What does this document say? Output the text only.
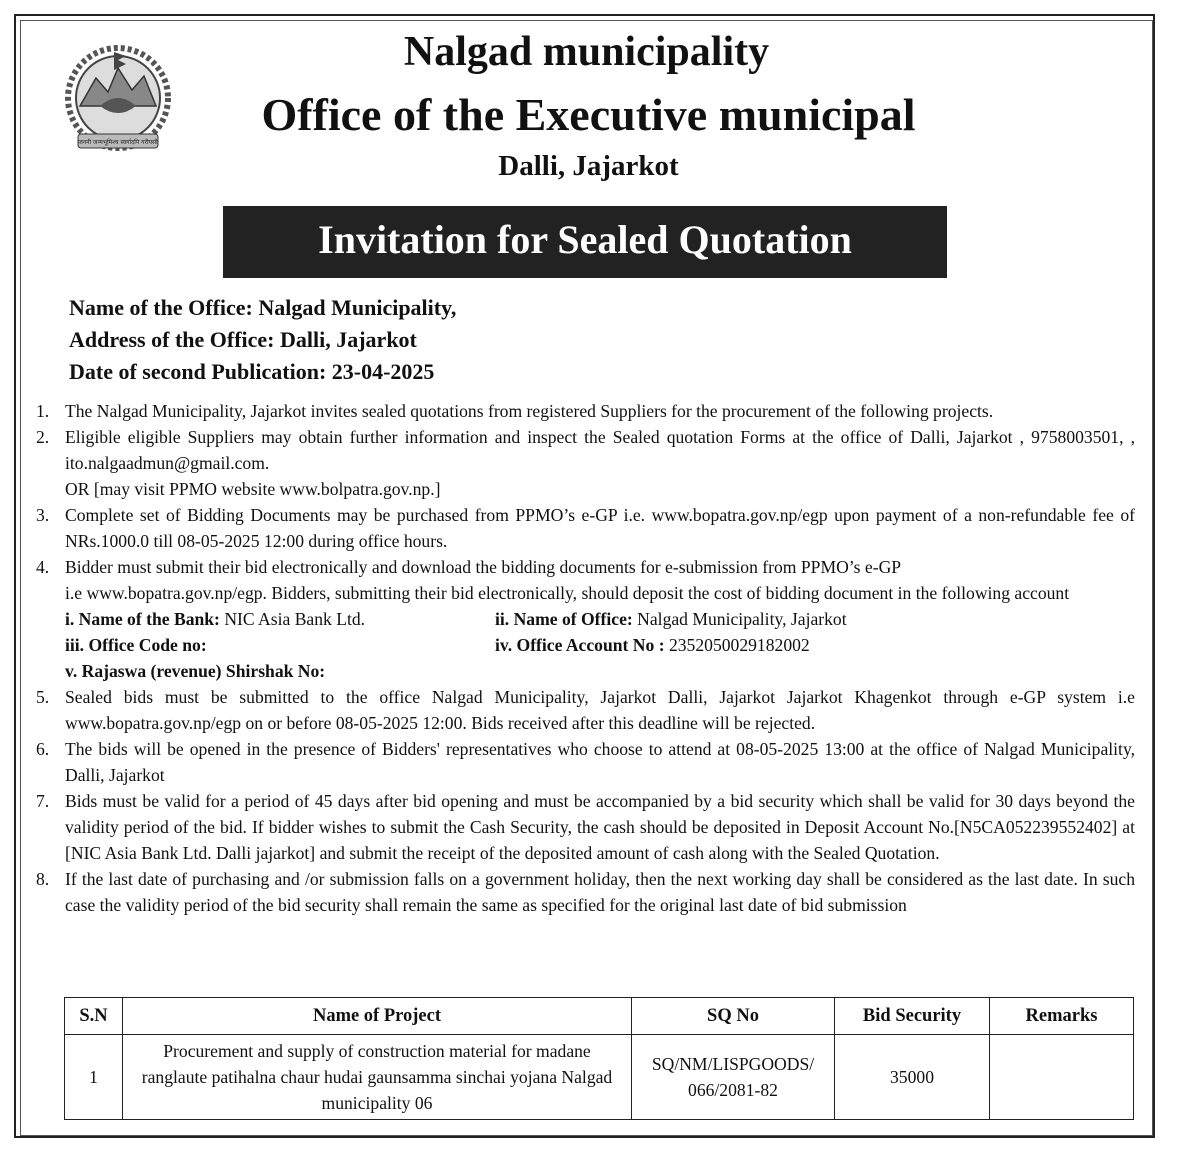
जननी जन्मभूमिश्च स्वर्गादपि गरीयसी
Nalgad municipality
Office of the Executive municipal
Dalli, Jajarkot
Invitation for Sealed Quotation
Name of the Office: Nalgad Municipality,
Address of the Office: Dalli, Jajarkot
Date of second Publication: 23-04-2025
1. The Nalgad Municipality, Jajarkot invites sealed quotations from registered Suppliers for the procurement of the following projects.
2. Eligible eligible Suppliers may obtain further information and inspect the Sealed quotation Forms at the office of Dalli, Jajarkot , 9758003501, , ito.nalgaadmun@gmail.com.
OR [may visit PPMO website www.bolpatra.gov.np.]
3. Complete set of Bidding Documents may be purchased from PPMO’s e-GP i.e. www.bopatra.gov.np/egp upon payment of a non-refundable fee of NRs.1000.0 till 08-05-2025 12:00 during office hours.
4. Bidder must submit their bid electronically and download the bidding documents for e-submission from PPMO’s e-GP
i.e www.bopatra.gov.np/egp. Bidders, submitting their bid electronically, should deposit the cost of bidding document in the following account
i. Name of the Bank: NIC Asia Bank Ltd.	ii. Name of Office: Nalgad Municipality, Jajarkot
iii. Office Code no:	iv. Office Account No : 2352050029182002
v. Rajaswa (revenue) Shirshak No:
5. Sealed bids must be submitted to the office Nalgad Municipality, Jajarkot Dalli, Jajarkot Jajarkot Khagenkot through e-GP system i.e www.bopatra.gov.np/egp on or before 08-05-2025 12:00. Bids received after this deadline will be rejected.
6. The bids will be opened in the presence of Bidders' representatives who choose to attend at 08-05-2025 13:00 at the office of Nalgad Municipality, Dalli, Jajarkot
7. Bids must be valid for a period of 45 days after bid opening and must be accompanied by a bid security which shall be valid for 30 days beyond the validity period of the bid. If bidder wishes to submit the Cash Security, the cash should be deposited in Deposit Account No.[N5CA052239552402] at [NIC Asia Bank Ltd. Dalli jajarkot] and submit the receipt of the deposited amount of cash along with the Sealed Quotation.
8. If the last date of purchasing and /or submission falls on a government holiday, then the next working day shall be considered as the last date. In such case the validity period of the bid security shall remain the same as specified for the original last date of bid submission
S.N	Name of Project	SQ No	Bid Security	Remarks
1	Procurement and supply of construction material for madane ranglaute patihalna chaur hudai gaunsamma sinchai yojana Nalgad municipality 06	SQ/NM/LISPGOODS/ 066/2081-82	35000	
